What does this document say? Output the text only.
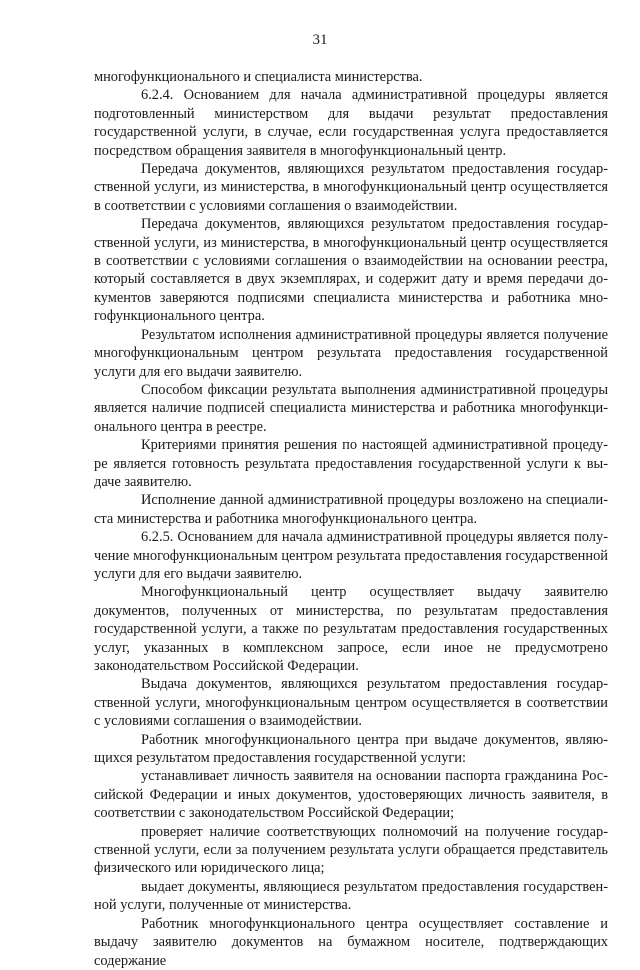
31

многофункционального и специалиста министерства.

6.2.4. Основанием для начала административной процедуры является подготовленный министерством для выдачи результат предоставления государственной услуги, в случае, если государственная услуга предоставляется посредством обращения заявителя в многофункциональный центр.

Передача документов, являющихся результатом предоставления государственной услуги, из министерства, в многофункциональный центр осуществляется в соответствии с условиями соглашения о взаимодействии.

Передача документов, являющихся результатом предоставления государственной услуги, из министерства, в многофункциональный центр осуществляется в соответствии с условиями соглашения о взаимодействии на основании реестра, который составляется в двух экземплярах, и содержит дату и время передачи документов заверяются подписями специалиста министерства и работника многофункционального центра.

Результатом исполнения административной процедуры является получение многофункциональным центром результата предоставления государственной услуги для его выдачи заявителю.

Способом фиксации результата выполнения административной процедуры является наличие подписей специалиста министерства и работника многофункционального центра в реестре.

Критериями принятия решения по настоящей административной процедуре является готовность результата предоставления государственной услуги к выдаче заявителю.

Исполнение данной административной процедуры возложено на специалиста министерства и работника многофункционального центра.

6.2.5. Основанием для начала административной процедуры является получение многофункциональным центром результата предоставления государственной услуги для его выдачи заявителю.

Многофункциональный центр осуществляет выдачу заявителю документов, полученных от министерства, по результатам предоставления государственной услуги, а также по результатам предоставления государственных услуг, указанных в комплексном запросе, если иное не предусмотрено законодательством Российской Федерации.

Выдача документов, являющихся результатом предоставления государственной услуги, многофункциональным центром осуществляется в соответствии с условиями соглашения о взаимодействии.

Работник многофункционального центра при выдаче документов, являющихся результатом предоставления государственной услуги:

устанавливает личность заявителя на основании паспорта гражданина Российской Федерации и иных документов, удостоверяющих личность заявителя, в соответствии с законодательством Российской Федерации;

проверяет наличие соответствующих полномочий на получение государственной услуги, если за получением результата услуги обращается представитель физического или юридического лица;

выдает документы, являющиеся результатом предоставления государственной услуги, полученные от министерства.

Работник многофункционального центра осуществляет составление и выдачу заявителю документов на бумажном носителе, подтверждающих содержание
